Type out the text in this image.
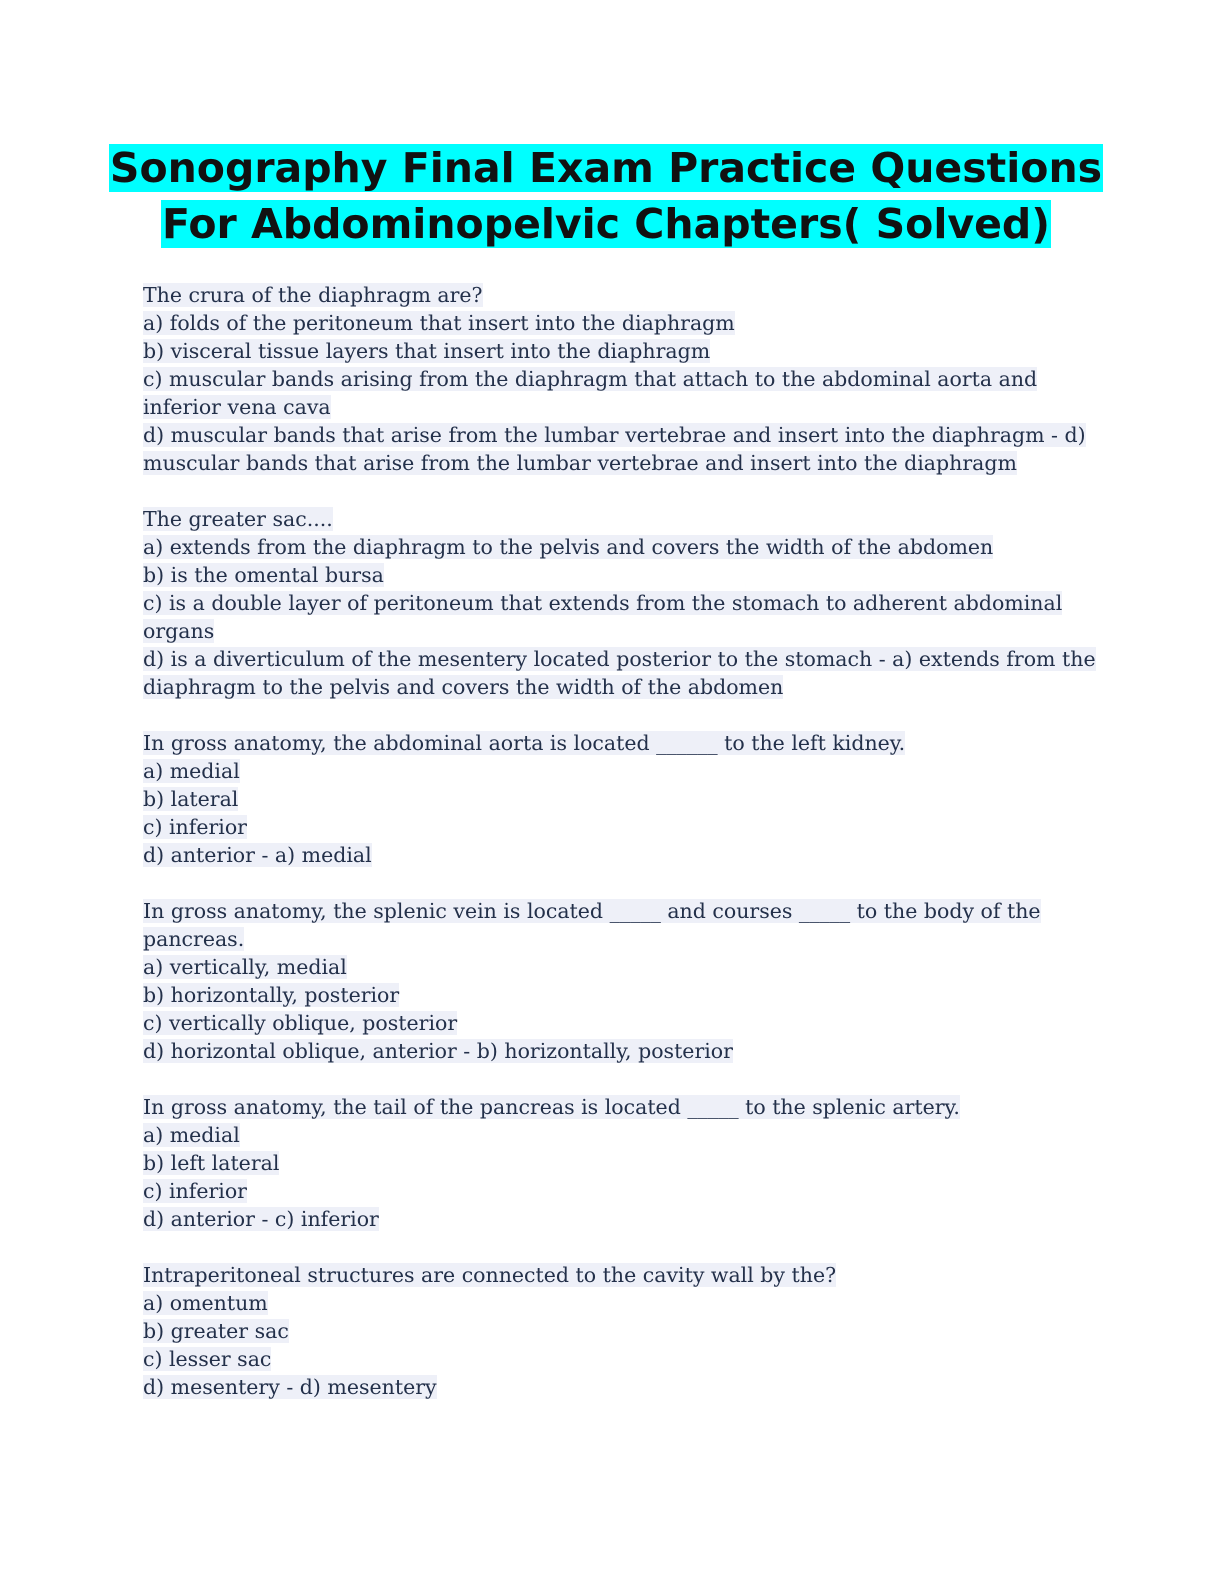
Sonography Final Exam Practice Questions
For Abdominopelvic Chapters( Solved)
The crura of the diaphragm are?
a) folds of the peritoneum that insert into the diaphragm
b) visceral tissue layers that insert into the diaphragm
c) muscular bands arising from the diaphragm that attach to the abdominal aorta and
inferior vena cava
d) muscular bands that arise from the lumbar vertebrae and insert into the diaphragm - d)
muscular bands that arise from the lumbar vertebrae and insert into the diaphragm
The greater sac....
a) extends from the diaphragm to the pelvis and covers the width of the abdomen
b) is the omental bursa
c) is a double layer of peritoneum that extends from the stomach to adherent abdominal
organs
d) is a diverticulum of the mesentery located posterior to the stomach - a) extends from the
diaphragm to the pelvis and covers the width of the abdomen
In gross anatomy, the abdominal aorta is located ______ to the left kidney.
a) medial
b) lateral
c) inferior
d) anterior - a) medial
In gross anatomy, the splenic vein is located _____ and courses _____ to the body of the
pancreas.
a) vertically, medial
b) horizontally, posterior
c) vertically oblique, posterior
d) horizontal oblique, anterior - b) horizontally, posterior
In gross anatomy, the tail of the pancreas is located _____ to the splenic artery.
a) medial
b) left lateral
c) inferior
d) anterior - c) inferior
Intraperitoneal structures are connected to the cavity wall by the?
a) omentum
b) greater sac
c) lesser sac
d) mesentery - d) mesentery
